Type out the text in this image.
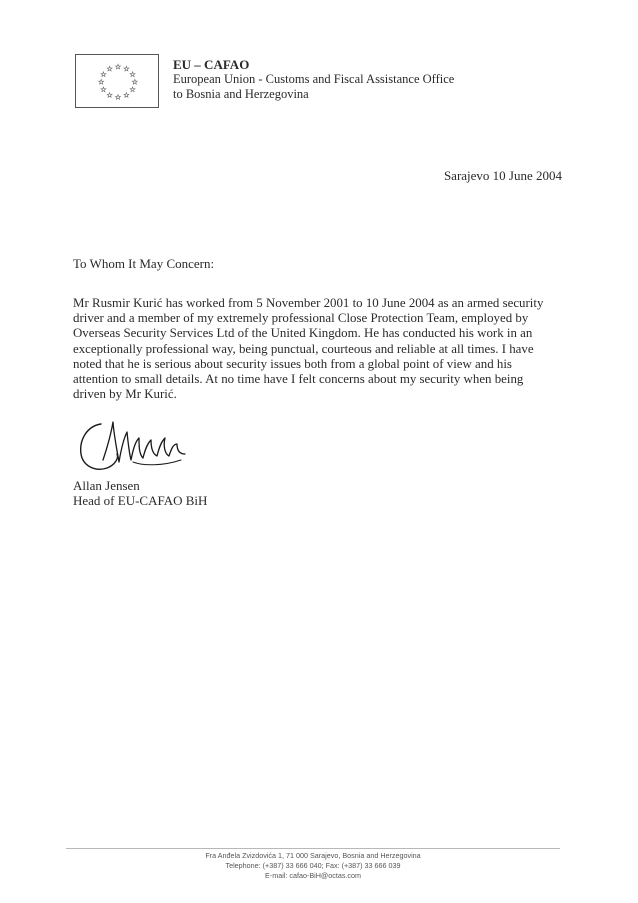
EU – CAFAO
European Union - Customs and Fiscal Assistance Office
to Bosnia and Herzegovina
Sarajevo 10 June 2004
To Whom It May Concern:
Mr Rusmir Kurić has worked from 5 November 2001 to 10 June 2004 as an armed security
driver and a member of my extremely professional Close Protection Team, employed by
Overseas Security Services Ltd of the United Kingdom. He has conducted his work in an
exceptionally professional way, being punctual, courteous and reliable at all times. I have
noted that he is serious about security issues both from a global point of view and his
attention to small details. At no time have I felt concerns about my security when being
driven by Mr Kurić.
Allan Jensen
Head of EU-CAFAO BiH
Fra Anđela Zvizdovića 1, 71 000 Sarajevo, Bosnia and Herzegovina
Telephone: (+387) 33 666 040; Fax: (+387) 33 666 039
E-mail: cafao-BiH@octas.com
